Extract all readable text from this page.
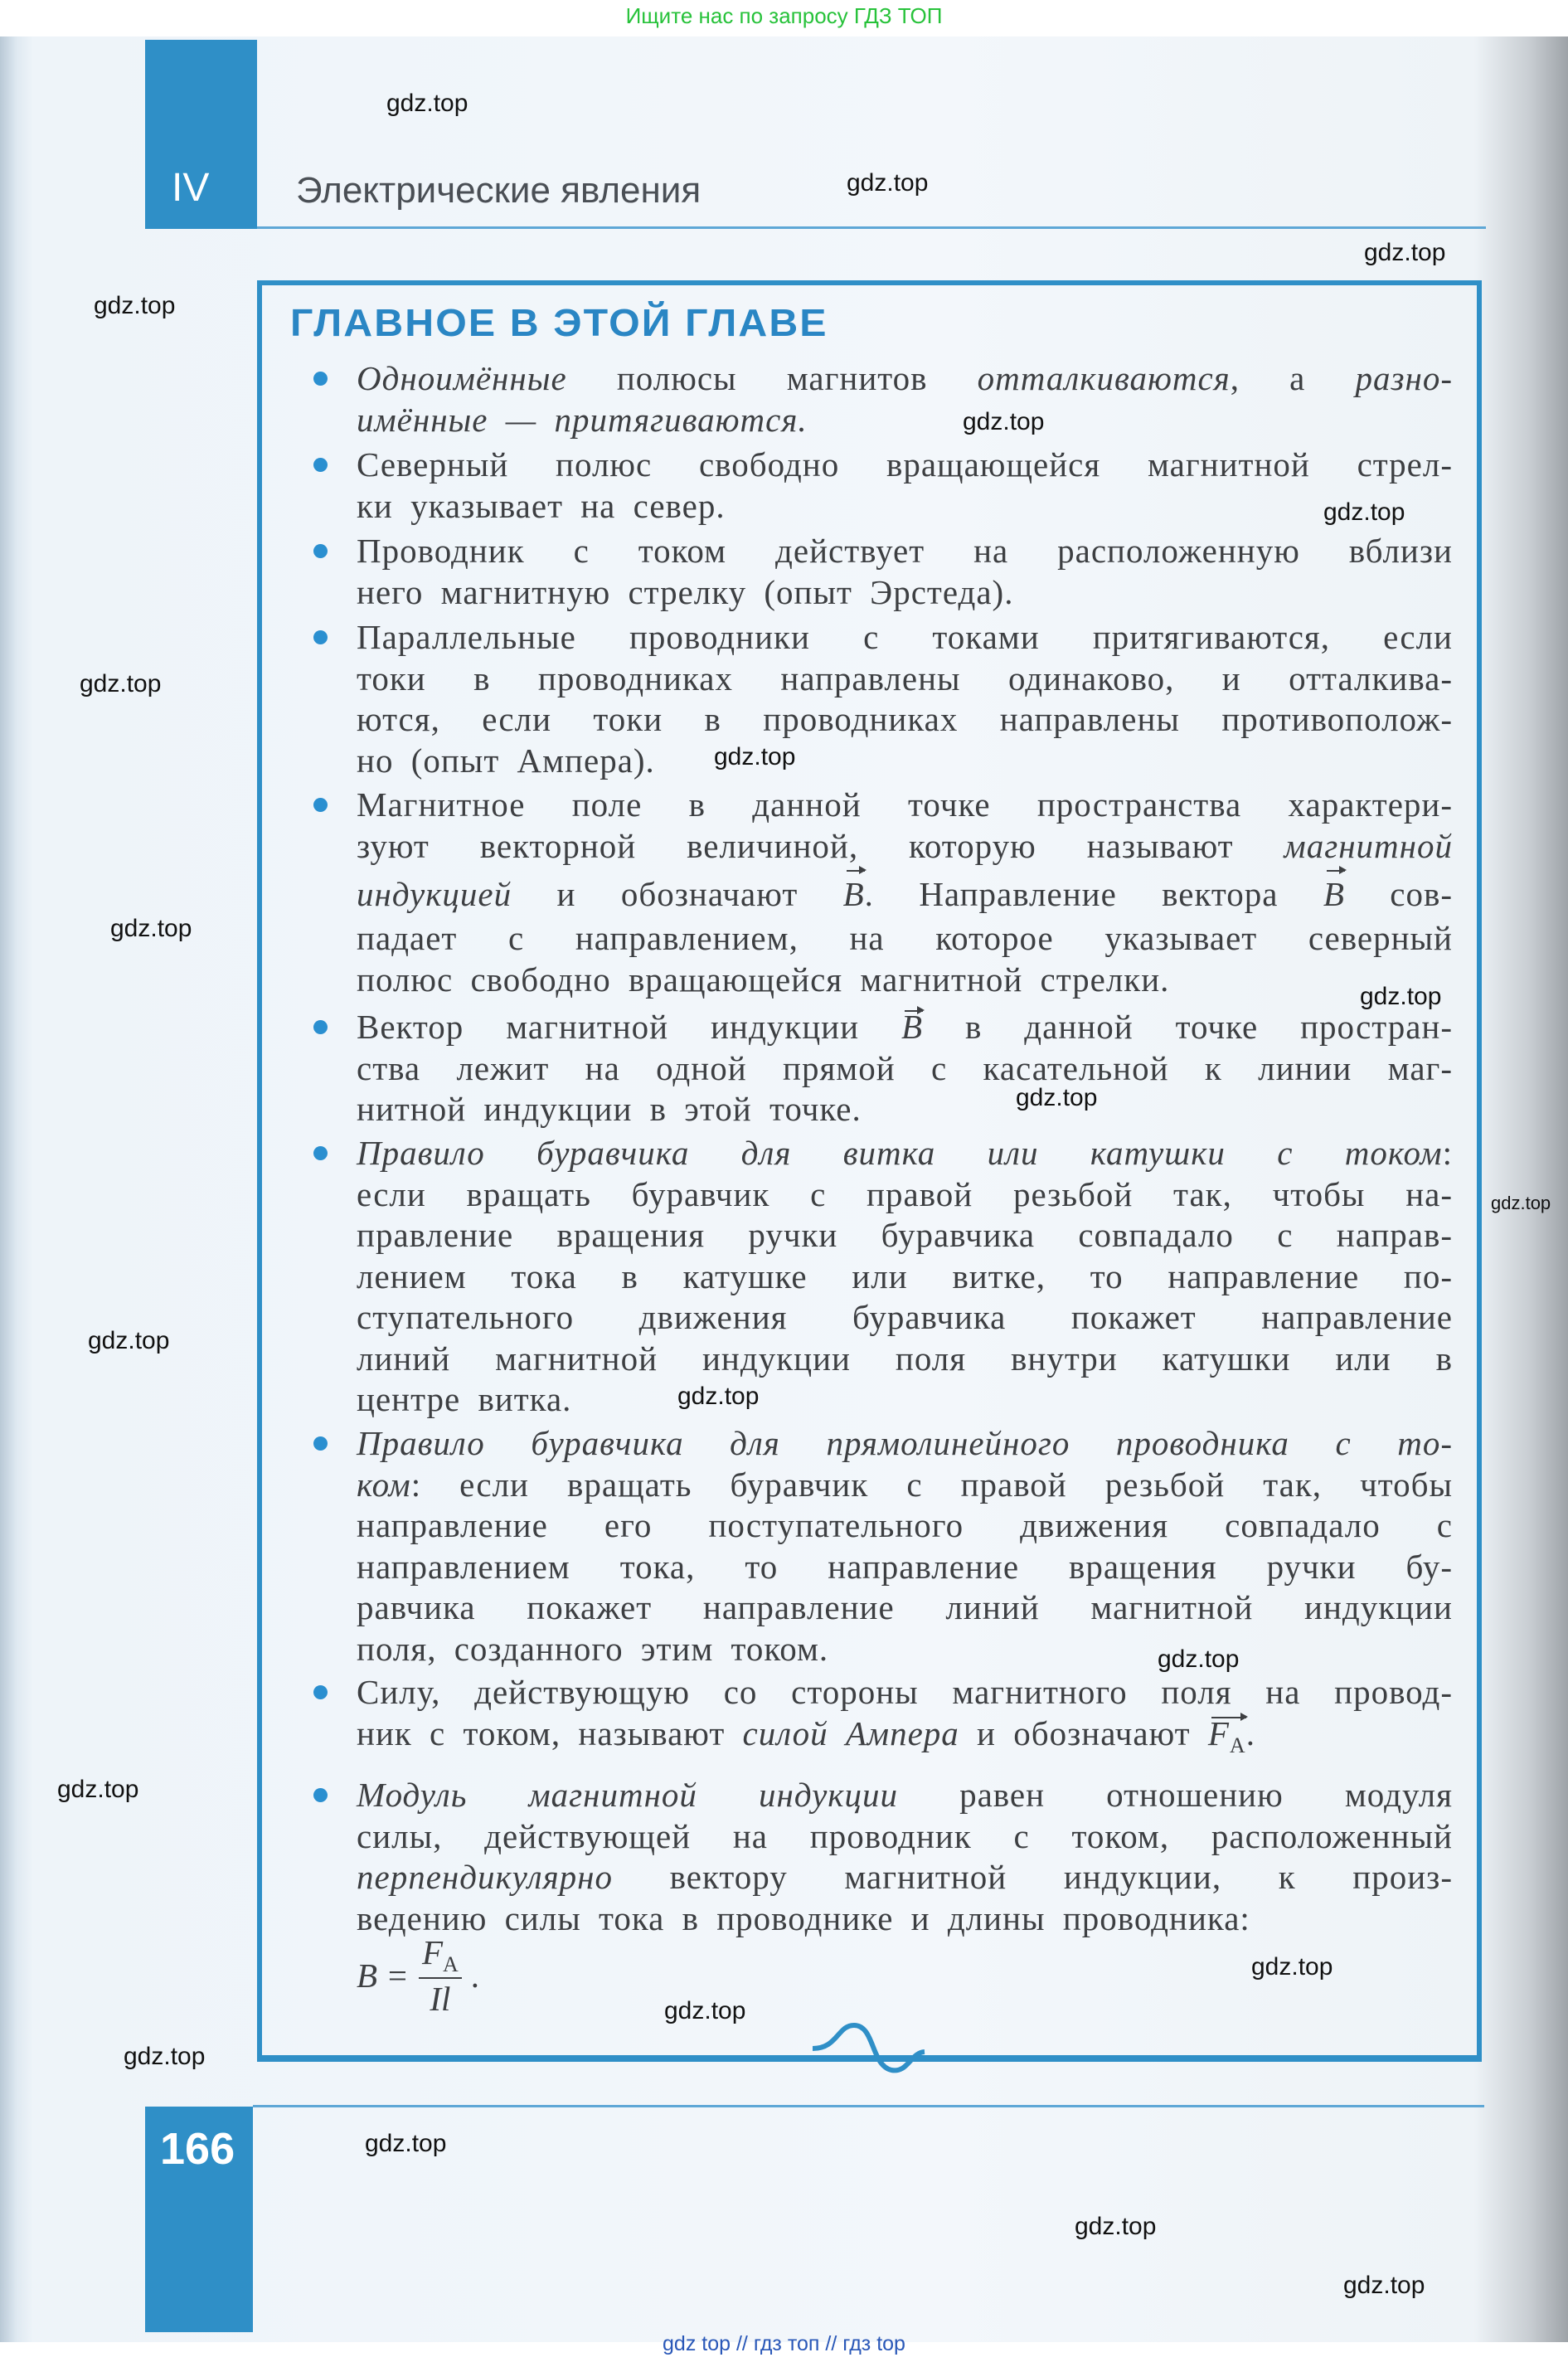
Ищите нас по запросу ГДЗ ТОП
IV Электрические явления
ГЛАВНОЕ В ЭТОЙ ГЛАВЕ
Одноимённые полюсы магнитов отталкиваются, а разно-
имённые — притягиваются.
Северный полюс свободно вращающейся магнитной стрел-
ки указывает на север.
Проводник с током действует на расположенную вблизи
него магнитную стрелку (опыт Эрстеда).
Параллельные проводники с токами притягиваются, если
токи в проводниках направлены одинаково, и отталкива-
ются, если токи в проводниках направлены противополож-
но (опыт Ампера).
Магнитное поле в данной точке пространства характери-
зуют векторной величиной, которую называют магнитной
индукцией и обозначают B. Направление вектора B сов-
падает с направлением, на которое указывает северный
полюс свободно вращающейся магнитной стрелки.
Вектор магнитной индукции B в данной точке простран-
ства лежит на одной прямой с касательной к линии маг-
нитной индукции в этой точке.
Правило буравчика для витка или катушки с током:
если вращать буравчик с правой резьбой так, чтобы на-
правление вращения ручки буравчика совпадало с направ-
лением тока в катушке или витке, то направление по-
ступательного движения буравчика покажет направление
линий магнитной индукции поля внутри катушки или в
центре витка.
Правило буравчика для прямолинейного проводника с то-
ком: если вращать буравчик с правой резьбой так, чтобы
направление его поступательного движения совпадало с
направлением тока, то направление вращения ручки бу-
равчика покажет направление линий магнитной индукции
поля, созданного этим током.
Силу, действующую со стороны магнитного поля на провод-
ник с током, называют силой Ампера и обозначают $F_A$.
Модуль магнитной индукции равен отношению модуля
силы, действующей на проводник с током, расположенный
перпендикулярно вектору магнитной индукции, к произ-
ведению силы тока в проводнике и длины проводника:
$B = \frac{F_A}{Il}$ .
166
gdz top // гдз топ // гдз top
gdz.top
gdz.top
gdz.top
gdz.top
gdz.top
gdz.top
gdz.top
gdz.top
gdz.top
gdz.top
gdz.top
gdz.top
gdz.top
gdz.top
gdz.top
gdz.top
gdz.top
gdz.top
gdz.top
gdz.top
gdz.top
gdz.top
